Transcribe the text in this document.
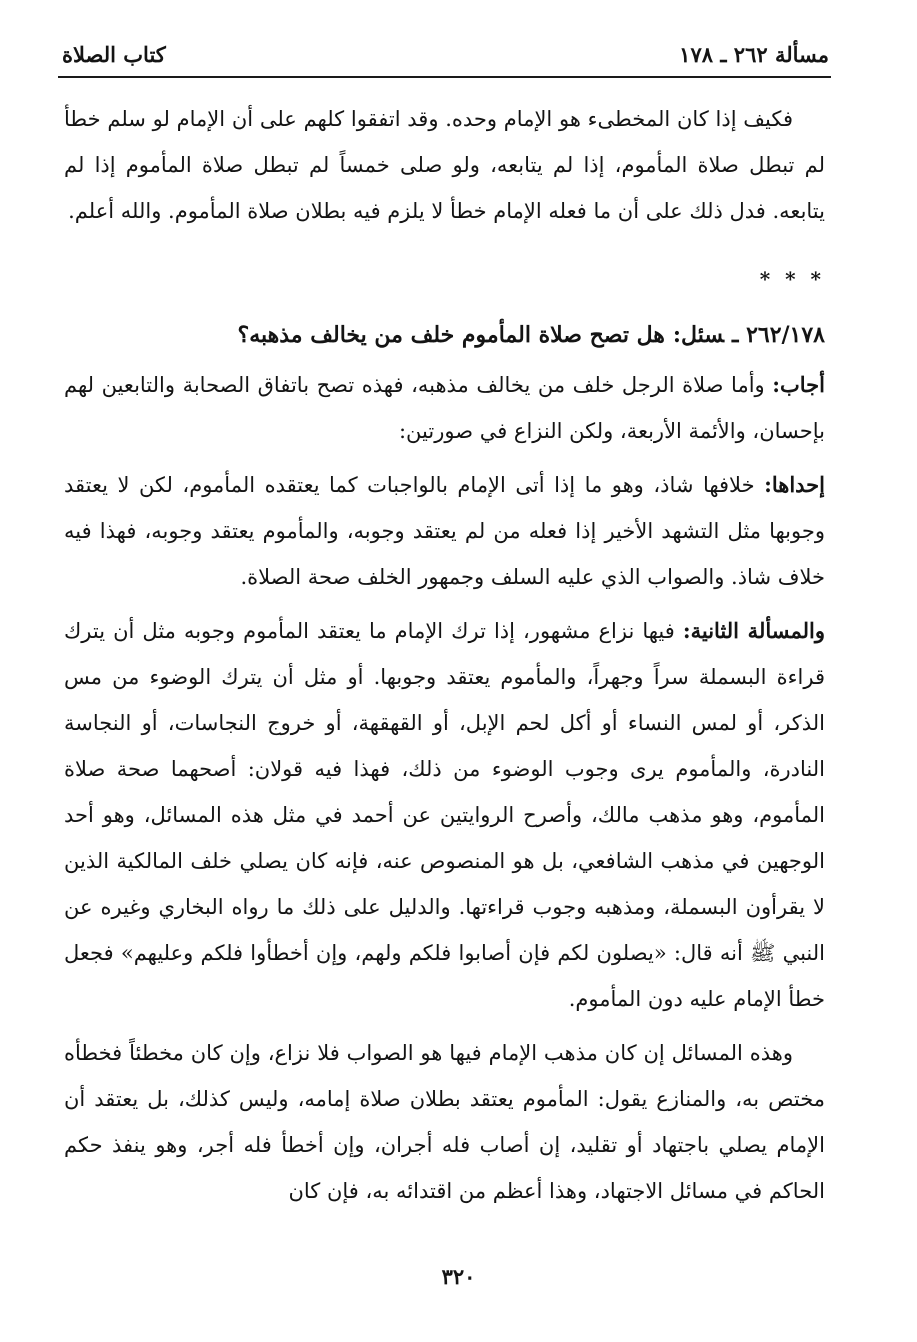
مسألة ٢٦٢ ـ ١٧٨
كتاب الصلاة

فكيف إذا كان المخطىء هو الإمام وحده. وقد اتفقوا كلهم على أن الإمام لو سلم خطأ لم تبطل صلاة المأموم، إذا لم يتابعه، ولو صلى خمساً لم تبطل صلاة المأموم إذا لم يتابعه. فدل ذلك على أن ما فعله الإمام خطأ لا يلزم فيه بطلان صلاة المأموم. والله أعلم.

* * *

٢٦٢/١٧٨ ـسئل:هل تصح صلاة المأموم خلف من يخالف مذهبه؟

أجاب: وأما صلاة الرجل خلف من يخالف مذهبه، فهذه تصح باتفاق الصحابة والتابعين لهم بإحسان، والأئمة الأربعة، ولكن النزاع في صورتين:

إحداها: خلافها شاذ، وهو ما إذا أتى الإمام بالواجبات كما يعتقده المأموم، لكن لا يعتقد وجوبها مثل التشهد الأخير إذا فعله من لم يعتقد وجوبه، والمأموم يعتقد وجوبه، فهذا فيه خلاف شاذ. والصواب الذي عليه السلف وجمهور الخلف صحة الصلاة.

والمسألة الثانية: فيها نزاع مشهور، إذا ترك الإمام ما يعتقد المأموم وجوبه مثل أن يترك قراءة البسملة سراً وجهراً، والمأموم يعتقد وجوبها. أو مثل أن يترك الوضوء من مس الذكر، أو لمس النساء أو أكل لحم الإبل، أو القهقهة، أو خروج النجاسات، أو النجاسة النادرة، والمأموم يرى وجوب الوضوء من ذلك، فهذا فيه قولان: أصحهما صحة صلاة المأموم، وهو مذهب مالك، وأصرح الروايتين عن أحمد في مثل هذه المسائل، وهو أحد الوجهين في مذهب الشافعي، بل هو المنصوص عنه، فإنه كان يصلي خلف المالكية الذين لا يقرأون البسملة، ومذهبه وجوب قراءتها. والدليل على ذلك ما رواه البخاري وغيره عن النبي ﷺ أنه قال: «يصلون لكم فإن أصابوا فلكم ولهم، وإن أخطأوا فلكم وعليهم» فجعل خطأ الإمام عليه دون المأموم.

وهذه المسائل إن كان مذهب الإمام فيها هو الصواب فلا نزاع، وإن كان مخطئاً فخطأه مختص به، والمنازع يقول: المأموم يعتقد بطلان صلاة إمامه، وليس كذلك، بل يعتقد أن الإمام يصلي باجتهاد أو تقليد، إن أصاب فله أجران، وإن أخطأ فله أجر، وهو ينفذ حكم الحاكم في مسائل الاجتهاد، وهذا أعظم من اقتدائه به، فإن كان

٣٢٠
